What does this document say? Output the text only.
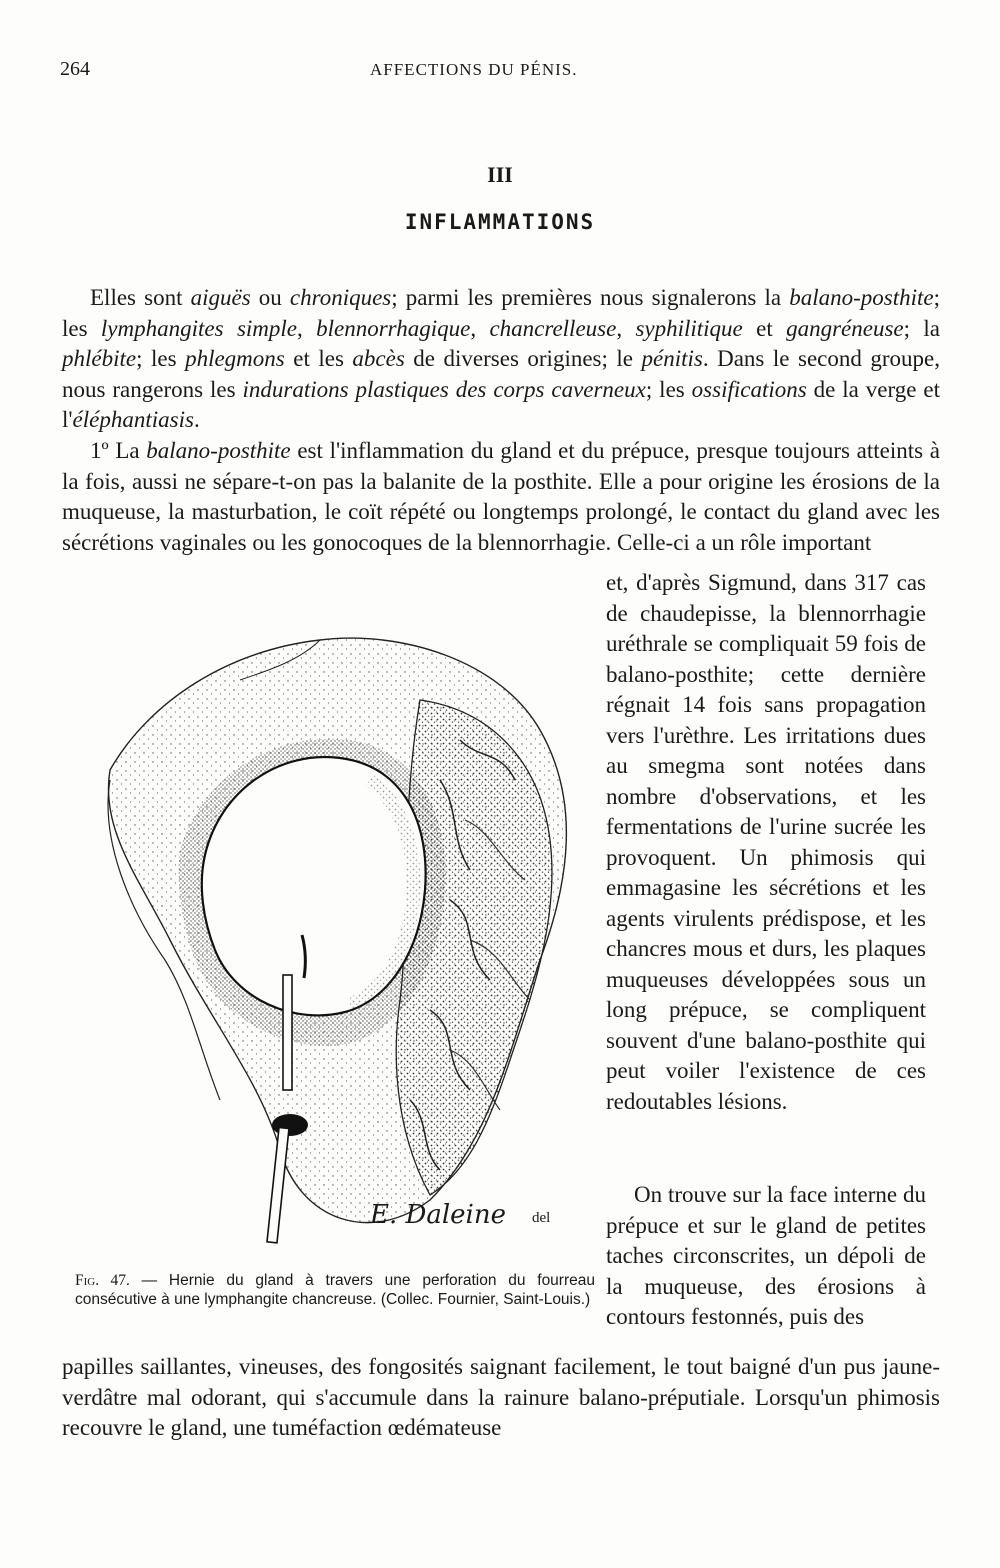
264	AFFECTIONS DU PÉNIS.
III
INFLAMMATIONS
Elles sont aiguës ou chroniques; parmi les premières nous signalerons la balano-posthite; les lymphangites simple, blennorrhagique, chancrelleuse, syphilitique et gangréneuse; la phlébite; les phlegmons et les abcès de diverses origines; le pénitis. Dans le second groupe, nous rangerons les indurations plastiques des corps caverneux; les ossifications de la verge et l'éléphantiasis.
1º La balano-posthite est l'inflammation du gland et du prépuce, presque toujours atteints à la fois, aussi ne sépare-t-on pas la balanite de la posthite. Elle a pour origine les érosions de la muqueuse, la masturbation, le coït répété ou longtemps prolongé, le contact du gland avec les sécrétions vaginales ou les gonocoques de la blennorrhagie. Celle-ci a un rôle important
et, d'après Sigmund, dans 317 cas de chaudepisse, la blennorrhagie uréthrale se compliquait 59 fois de balano-posthite; cette dernière régnait 14 fois sans propagation vers l'urèthre. Les irritations dues au smegma sont notées dans nombre d'observations, et les fermentations de l'urine sucrée les provoquent. Un phimosis qui emmagasine les sécrétions et les agents virulents prédispose, et les chancres mous et durs, les plaques muqueuses développées sous un long prépuce, se compliquent souvent d'une balano-posthite qui peut voiler l'existence de ces redoutables lésions.
On trouve sur la face interne du prépuce et sur le gland de petites taches circonscrites, un dépoli de la muqueuse, des érosions à contours festonnés, puis des
papilles saillantes, vineuses, des fongosités saignant facilement, le tout baigné d'un pus jaune-verdâtre mal odorant, qui s'accumule dans la rainure balano-préputiale. Lorsqu'un phimosis recouvre le gland, une tuméfaction œdémateuse
E. Daleine del
Fig. 47. — Hernie du gland à travers une perforation du fourreau consécutive à une lymphangite chancreuse. (Collec. Fournier, Saint-Louis.)
